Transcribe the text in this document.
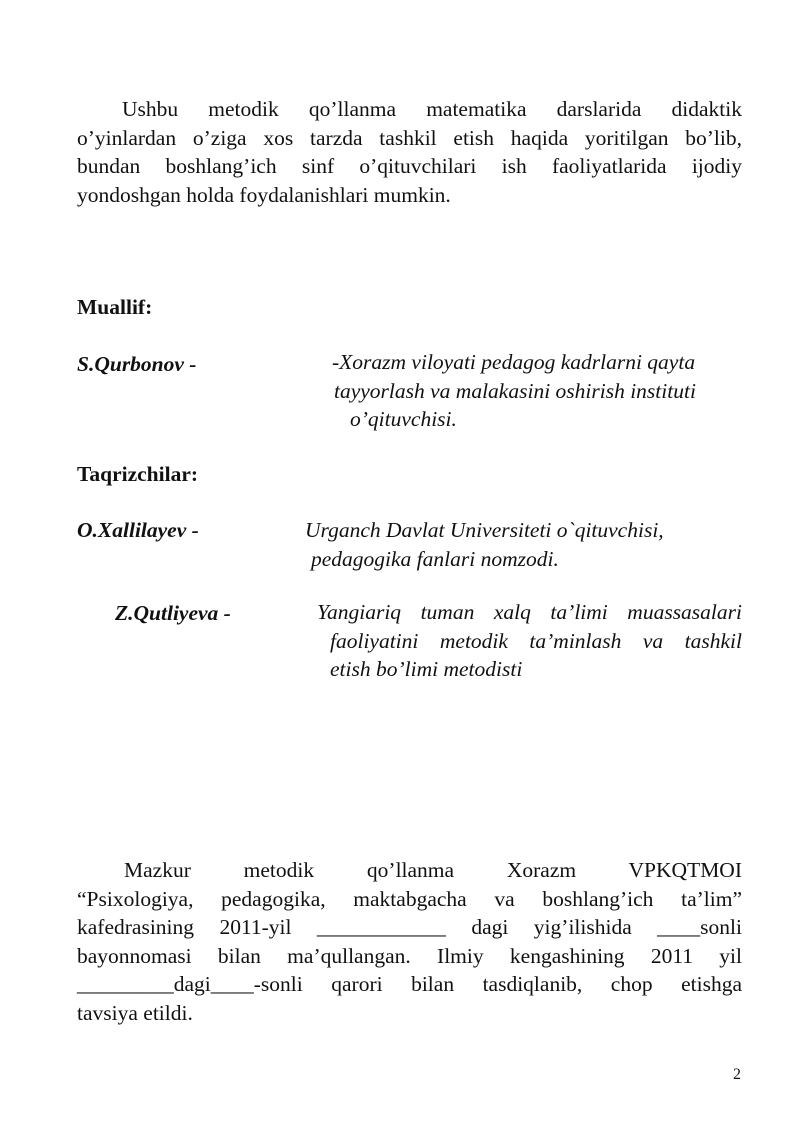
Ushbu metodik qo’llanma matematika darslarida didaktik
o’yinlardan o’ziga xos tarzda tashkil etish haqida yoritilgan bo’lib,
bundan boshlang’ich sinf o’qituvchilari ish faoliyatlarida ijodiy
yondoshgan holda foydalanishlari mumkin.
Muallif:
S.Qurbonov -	-Xorazm viloyati pedagog kadrlarni qayta
tayyorlash va malakasini oshirish instituti
o’qituvchisi.
Taqrizchilar:
O.Xallilayev -	Urganch Davlat Universiteti o`qituvchisi,
pedagogika fanlari nomzodi.
Z.Qutliyeva -	Yangiariq tuman xalq ta’limi muassasalari
faoliyatini metodik ta’minlash va tashkil
etish bo’limi metodisti
Mazkur metodik qo’llanma Xorazm VPKQTMOI
“Psixologiya, pedagogika, maktabgacha va boshlang’ich ta’lim”
kafedrasining 2011-yil ____________ dagi yig’ilishida ____sonli
bayonnomasi bilan ma’qullangan. Ilmiy kengashining 2011 yil
_________dagi____-sonli qarori bilan tasdiqlanib, chop etishga
tavsiya etildi.
2
